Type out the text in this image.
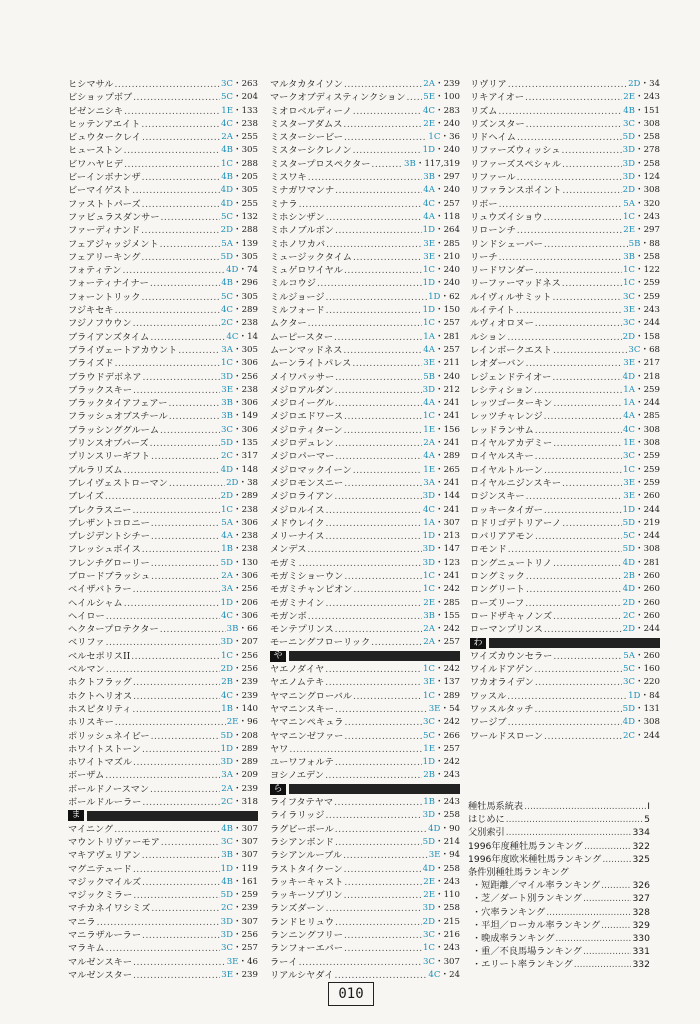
ヒシマサル .....	3C・263
ビショップボブ .....	5C・204
ビゼンニシキ .....	1E・133
ヒッテンアエイト .....	4C・238
ビュウタークレイ .....	2A・255
ヒューストン .....	4B・305
ビワハヤヒデ .....	1C・288
ビーインボナンザ .....	4B・205
ビーマイゲスト .....	4D・305
ファストトパーズ .....	4D・255
ファビュラスダンサー .....	5C・132
ファーディナンド .....	2D・288
フェアジャッジメント .....	5A・139
フェアリーキング .....	5D・305
フォティテン .....	4D・74
フォーティナイナー .....	4B・296
フォーントリック .....	5C・305
フジキセキ .....	4C・289
フジノフウウン .....	2C・238
ブライアンズタイム .....	4C・14
ブライヴェートアカウント .....	3A・305
ブライズド .....	1C・306
ブラウドデボネア .....	3D・256
ブラックスキー .....	3E・238
ブラックタイアフェアー .....	3B・306
フラッシュオブスチール .....	3B・149
ブラッシンググルーム .....	3C・306
プリンスオブバーズ .....	5D・135
プリンスリーギフト .....	2C・317
プルラリズム .....	4D・148
ブレイヴェストローマン .....	2D・38
ブレイズ .....	2D・289
ブレクラスニー .....	1C・238
プレザントコロニー .....	5A・306
プレジデントシチー .....	4A・238
フレッシュボイス .....	1B・238
フレンチグローリー .....	5D・130
ブロードブラッシュ .....	2A・306
ベイザバトラー .....	3A・256
ヘイルシャム .....	1D・206
ヘイロー .....	4C・306
ヘクタープロテクター .....	3B・66
ベリファ .....	3D・207
ベルセポリスII .....	1C・256
ベルマン .....	2D・256
ホクトフラッグ .....	2B・239
ホクトヘリオス .....	4C・239
ホスピタリティ .....	1B・140
ホリスキー .....	2E・96
ポリッシュネイビー .....	5D・208
ホワイトストーン .....	1D・289
ホワイトマズル .....	3D・289
ボーザム .....	3A・209
ボールドノースマン .....	2A・239
ボールドルーラー .....	2C・318
ま
マイニング .....	4B・307
マウントリヴァーモア .....	3C・307
マキアヴェリアン .....	3B・307
マグニテュード .....	1D・119
マジックマイルズ .....	4B・161
マジックミラー .....	5D・259
マチカネイワシミズ .....	2C・239
マニラ .....	3D・307
マニラザルーラー .....	3D・256
マラキム .....	3C・257
マルゼンスキー .....	3E・46
マルゼンスター .....	3E・239
マルタカタイソン .....	2A・239
マークオブディスティンクション ..... 5E・100
ミオロベルディーノ .....	4C・283
ミスターアダムス .....	2E・240
ミスターシービー .....	1C・36
ミスターシクレノン .....	1D・240
ミスタープロスペクター .....	3B・117,319
ミスワキ .....	3B・297
ミナガワマンナ .....	4A・240
ミナラ .....	4C・257
ミホシンザン .....	4A・118
ミホノブルボン .....	1D・264
ミホノワカバ .....	3E・285
ミュージックタイム .....	3E・210
ミュゲロワイヤル .....	1C・240
ミルコウジ .....	1D・240
ミルジョージ .....	1D・62
ミルフォード .....	1D・150
ムクター .....	1C・257
ムーピースター .....	1A・281
ムーンマッドネス .....	4A・257
ムーンライトパレス .....	3E・211
メイワパッサー .....	5B・240
メジロアルダン .....	3D・212
メジロイーグル .....	4A・241
メジロエドワース .....	1C・241
メジロティターン .....	1E・156
メジロデュレン .....	2A・241
メジロパーマー .....	4A・289
メジロマックイーン .....	1E・265
メジロモンスニー .....	3A・241
メジロライアン .....	3D・144
メジロルイス .....	4C・241
メドウレイク .....	1A・307
メリーナイス .....	1D・213
メンデス .....	3D・147
モガミ .....	3D・123
モガミショーウン .....	1C・241
モガミチャンピオン .....	1C・242
モガミナイン .....	2E・285
モガンボ .....	3B・155
モンテプリンス .....	2A・242
モーニングフローリック .....	2A・257
や
ヤエノダイヤ .....	1C・242
ヤエノムテキ .....	3E・137
ヤマニングローバル .....	1C・289
ヤマニンスキー .....	3E・54
ヤマニンペキュラ .....	3C・242
ヤマニンゼファー .....	5C・266
ヤワ .....	1E・257
ユーワフォルテ .....	1D・242
ヨシノエデン .....	2B・243
ら
ライフタテヤマ .....	1B・243
ライラリッジ .....	3D・258
ラグビーボール .....	4D・90
ラシアンボンド .....	5D・214
ラシアンルーブル .....	3E・94
ラストタイクーン .....	4D・258
ラッキーキャスト .....	2E・243
ラッキーソブリン .....	2E・110
ランズダーン .....	3D・258
ランドヒリュウ .....	2D・215
ランニングフリー .....	3C・216
ランフォーエバー .....	1C・243
ラーイ .....	3C・307
リアルシヤダイ .....	4C・24
リヴリア .....	2D・34
リキアイオー .....	2E・243
リズム .....	4B・151
リズンスター .....	3C・308
リドヘイム .....	5D・258
リファーズウィッシュ .....	3D・278
リファーズスペシャル .....	3D・258
リファール .....	3D・124
リファランスポイント .....	2D・308
リボー .....	5A・320
リュウズイショウ .....	1C・243
リローンチ .....	2E・297
リンドシェーバー .....	5B・88
リーチ .....	3B・258
リードワンダー .....	1C・122
リーファーマッドネス .....	1C・259
ルイヴィルサミット .....	3C・259
ルイテイト .....	3E・243
ルヴィオロヌー .....	3C・244
ルション .....	2D・158
レインボークエスト .....	3C・68
レオダーバン .....	3E・217
レジェンドテイオー .....	4D・218
レシティション .....	1A・259
レッツゴーターキン .....	1A・244
レッツチャレンジ .....	4A・285
レッドランサム .....	4C・308
ロイヤルアカデミー .....	1E・308
ロイヤルスキー .....	3C・259
ロイヤルトルーン .....	1C・259
ロイヤルニジンスキー .....	3E・259
ロジンスキー .....	3E・260
ロッキータイガー .....	1D・244
ロドリゴデトリアーノ .....	5D・219
ロバリアアモン .....	5C・244
ロモンド .....	5D・308
ロングニュートリノ .....	4D・281
ロングミック .....	2B・260
ロングリート .....	4D・260
ローズリーフ .....	2D・260
ロードザキャノンズ .....	2C・260
ローマンプリンス .....	2D・244
わ
ワイズカウンセラー .....	5A・260
ワイルドアゲン .....	5C・160
ワカオライデン .....	3C・220
ワッスル .....	1D・84
ワッスルタッチ .....	5D・131
ワージブ .....	4D・308
ワールドスローン .....	2C・244
種牡馬系統表 .....	I
はじめに .....	5
父別索引 .....	334
1996年度種牡馬ランキング .....	322
1996年度欧米種牡馬ランキング .....	325
条件別種牡馬ランキング
・短距離／マイル率ランキング .....	326
・芝／ダート別ランキング .....	327
・穴率ランキング .....	328
・平坦／ローカル率ランキング .....	329
・晩成率ランキング .....	330
・重／不良馬場ランキング .....	331
・エリート率ランキング .....	332
010
